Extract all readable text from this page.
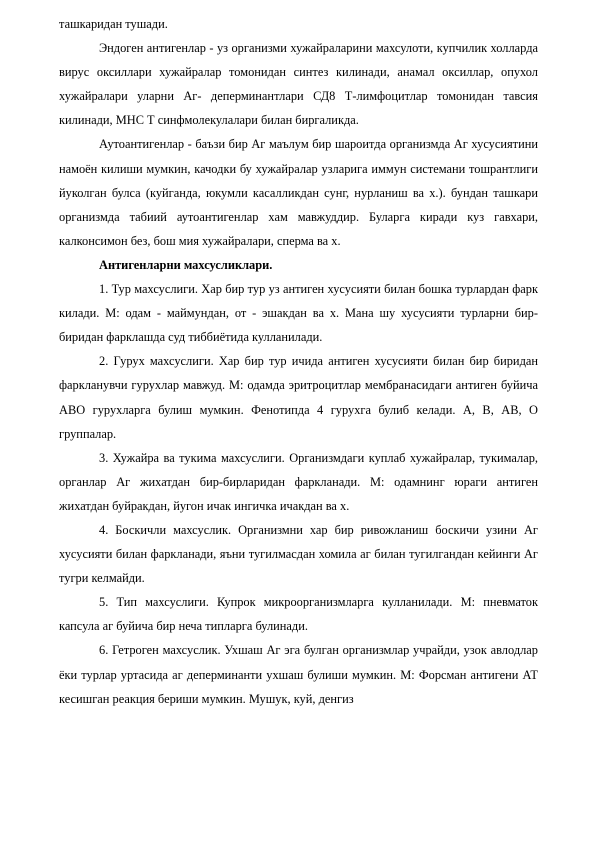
ташкаридан тушади.

Эндоген антигенлар - уз организми хужайраларини махсулоти, купчилик холларда вирус оксиллари хужайралар томонидан синтез килинади, анамал оксиллар, опухол хужайралари уларни Аг- деперминантлари СД8 Т-лимфоцитлар томонидан тавсия килинади, МНС Т синфмолекулалари билан биргаликда.

Аутоантигенлар - баъзи бир Аг маълум бир шароитда организмда Аг хусусиятини намоён килиши мумкин, качодки бу хужайралар узларига иммун системани тошрантлиги йуколган булса (куйганда, юкумли касалликдан сунг, нурланиш ва х.). бундан ташкари организмда табиий аутоантигенлар хам мавжуддир. Буларга киради куз гавхари, калконсимон без, бош мия хужайралари, сперма ва х.

Антигенларни махсусликлари.

1. Тур махсуслиги. Хар бир тур уз антиген хусусияти билан бошка турлардан фарк килади. М: одам - маймундан, от - эшакдан ва х. Мана шу хусусияти турларни бир-биридан фарклашда суд тиббиётида кулланилади.

2. Гурух махсуслиги. Хар бир тур ичида антиген хусусияти билан бир биридан фаркланувчи гурухлар мавжуд. М: одамда эритроцитлар мембранасидаги антиген буйича АВО гурухларга булиш мумкин. Фенотипда 4 гурухга булиб келади. А, В, АВ, О группалар.

3. Хужайра ва тукима махсуслиги. Организмдаги куплаб хужайралар, тукималар, органлар Аг жихатдан бир-бирларидан фаркланади. М: одамнинг юраги антиген жихатдан буйракдан, йугон ичак ингичка ичакдан ва х.

4. Боскичли махсуслик. Организмни хар бир ривожланиш боскичи узини Аг хусусияти билан фаркланади, яъни тугилмасдан хомила аг билан тугилгандан кейинги Аг тугри келмайди.

5. Тип махсуслиги. Купрок микроорганизмларга кулланилади. М: пневматок капсула аг буйича бир неча типларга булинади.

6. Гетроген махсуслик. Ухшаш Аг эга булган организмлар учрайди, узок авлодлар ёки турлар уртасида аг деперминанти ухшаш булиши мумкин. М: Форсман антигени АТ кесишган реакция бериши мумкин. Мушук, куй, денгиз
